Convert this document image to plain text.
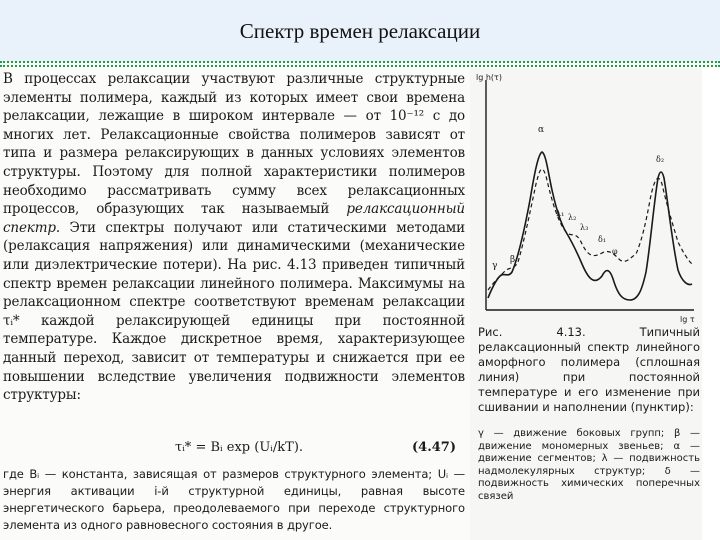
Спектр времен релаксации
В процессах релаксации участвуют различные структурные элементы полимера, каждый из которых имеет свои времена релаксации, лежащие в широком интервале — от 10⁻¹² с до многих лет. Релаксационные свойства полимеров зависят от типа и размера релаксирующих в данных условиях элементов структуры. Поэтому для полной характеристики полимеров необходимо рассматривать сумму всех релаксационных процессов, образующих так называемый релаксационный спектр. Эти спектры получают или статическими методами (релаксация напряжения) или динамическими (механические или диэлектрические потери). На рис. 4.13 приведен типичный спектр времен релаксации линейного полимера. Максимумы на релаксационном спектре соответствуют временам релаксации τᵢ* каждой релаксирующей единицы при постоянной температуре. Каждое дискретное время, характеризующее данный переход, зависит от температуры и снижается при ее повышении вследствие увеличения подвижности элементов структуры:
τᵢ* = Bᵢ exp (Uᵢ/kT).	(4.47)
где Bᵢ — константа, зависящая от размеров структурного элемента; Uᵢ — энергия активации i-й структурной единицы, равная высоте энергетического барьера, преодолеваемого при переходе структурного элемента из одного равновесного состояния в другое.
lg h(τ)
lg τ
γ
β
α
λ₁ λ₂
λ₃
δ₁
φ
δ₂
Рис. 4.13. Типичный релаксационный спектр линейного аморфного полимера (сплошная линия) при постоянной температуре и его изменение при сшивании и наполнении (пунктир):
γ — движение боковых групп; β — движение мономерных звеньев; α — движение сегментов; λ — подвижность надмолекулярных структур; δ — подвижность химических поперечных связей
